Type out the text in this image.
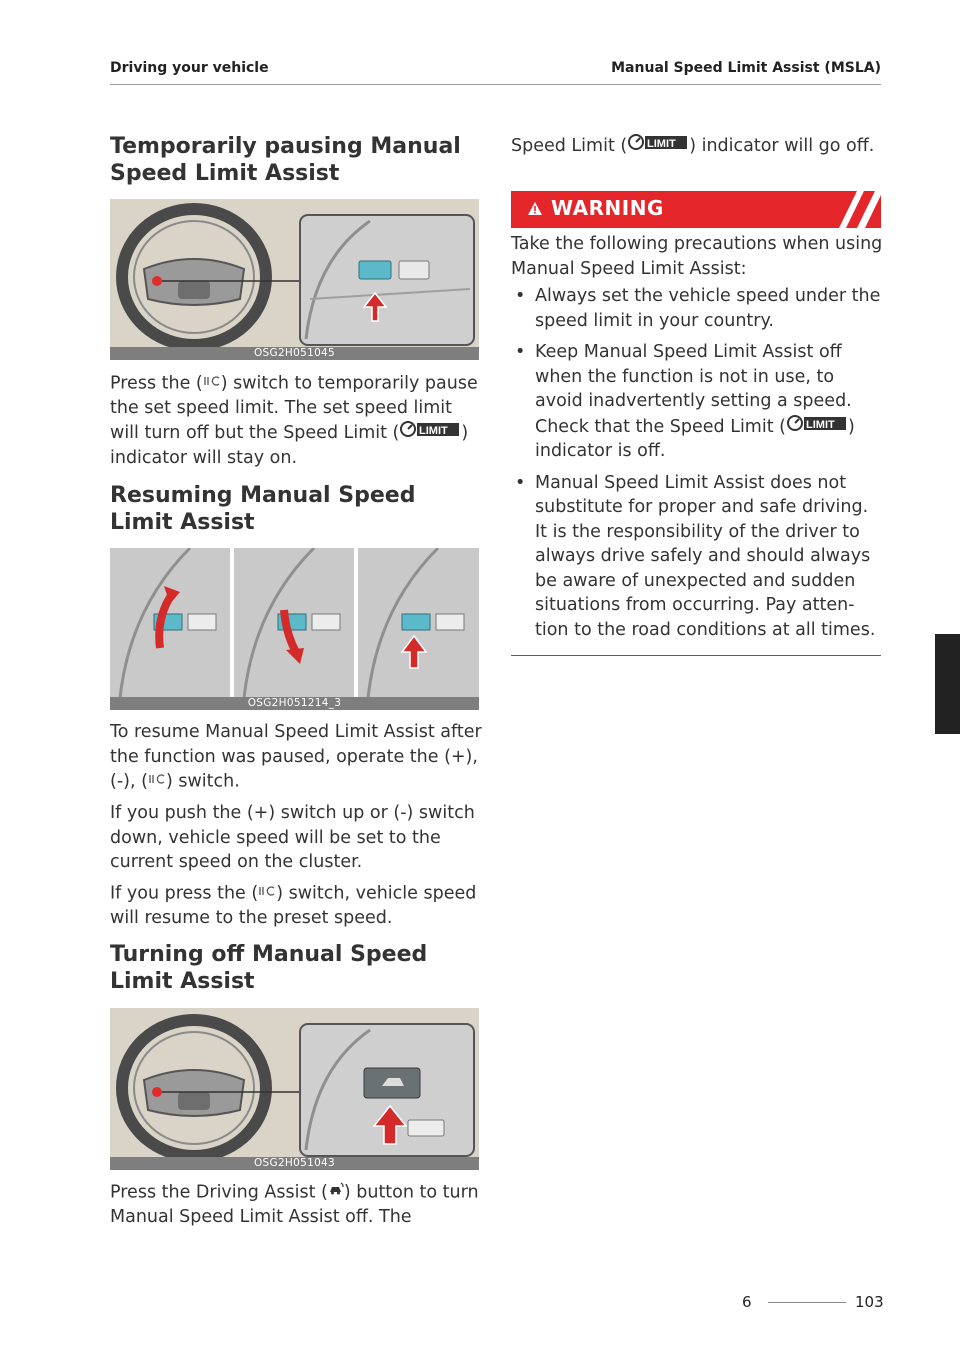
Driving your vehicle	Manual Speed Limit Assist (MSLA)
Temporarily pausing Manual Speed Limit Assist
OSG2H051045

Press the ( ) switch to temporarily pause the set speed limit. The set speed limit will turn off but the Speed Limit ( LIMIT ) indicator will stay on.

Resuming Manual Speed Limit Assist
OSG2H051214_3

To resume Manual Speed Limit Assist after the function was paused, operate the (+), (-), ( ) switch.

If you push the (+) switch up or (-) switch down, vehicle speed will be set to the current speed on the cluster.

If you press the ( ) switch, vehicle speed will resume to the preset speed.

Turning off Manual Speed Limit Assist
OSG2H051043

Press the Driving Assist ( ) button to turn Manual Speed Limit Assist off. The

Speed Limit ( LIMIT ) indicator will go off.

WARNING

Take the following precautions when using Manual Speed Limit Assist:

• Always set the vehicle speed under the speed limit in your country.
• Keep Manual Speed Limit Assist off when the function is not in use, to avoid inadvertently setting a speed. Check that the Speed Limit ( LIMIT ) indicator is off.
• Manual Speed Limit Assist does not substitute for proper and safe driving. It is the responsibility of the driver to always drive safely and should always be aware of unexpected and sudden situations from occurring. Pay atten-tion to the road conditions at all times.
6
6	103
